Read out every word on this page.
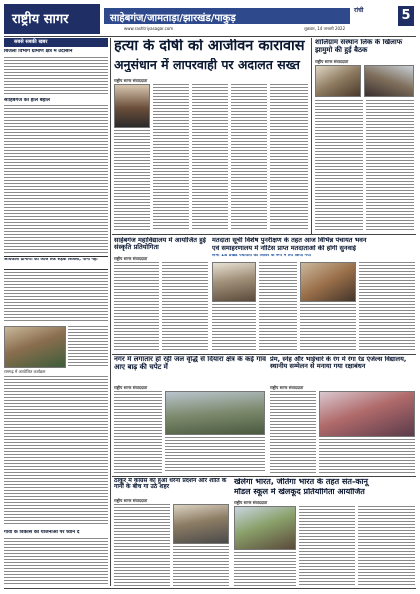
राष्ट्रीय सागर	साहेबगंज/जामताड़ा/झारखंड/पाकुड़
रांची
शुक्रवार, 14 जनवरी 2022
www.rashtriyasagar.com
5
सबसे सबकी खबर
बिजली विभाग ग्रामीण क्षेत्र में उदासीन
साहिबगंज का हाल बेहाल
अधिकांश ग्रामीणों को आज तक सड़क बिजली, पानी नहीं
रामगढ़ में आयोजित कार्यक्रम
गांवों के विकास की योजनाओं पर ध्यान दें
हत्या के दोषी को आजीवन कारावास
अनुसंधान में लापरवाही पर अदालत सख्त
राष्ट्रीय सागर संवाददाता
शालिग्राम संस्थान लिक के खिलाफ झामुमो की हुई बैठक
राष्ट्रीय सागर संवाददाता
साहेबगंज महाविद्यालय में आयोजित हुई संस्कृति प्रतियोगिता
राष्ट्रीय सागर संवाददाता
मतदाता सूची विशेष पुनरीक्षण के तहत आज विभिन्न पंचायत भवन
एवं समाहरणालय में नोटिस प्राप्त मतदाताओं की होगी सुनवाई
सभी 18 प्रखंड पंचायतों को शिविर के रूप में तय किया गया
नगर में लगातार हो रही जल वृद्धि से दियारा क्षेत्र के कई गांव आए बाढ़ की चपेट में
राष्ट्रीय सागर संवाददाता
प्रेम, स्नेह और भाईचारे के रंग में रंगा रेड एंजेल्स विद्यालय, स्थानीय सम्मेलन से मनाया गया रक्षाबंधन
राष्ट्रीय सागर संवाददाता
ठाकुर में कांग्रेस का हुआ धरना प्रदर्शन और शांति के गानों के बीच गा उठे शहर
राष्ट्रीय सागर संवाददाता
खेलेगा भारत, जीतेगा भारत के तहत संत-कानू
मॉडल स्कूल में खेलकूद प्रतियोगिता आयोजित
राष्ट्रीय सागर संवाददाता
